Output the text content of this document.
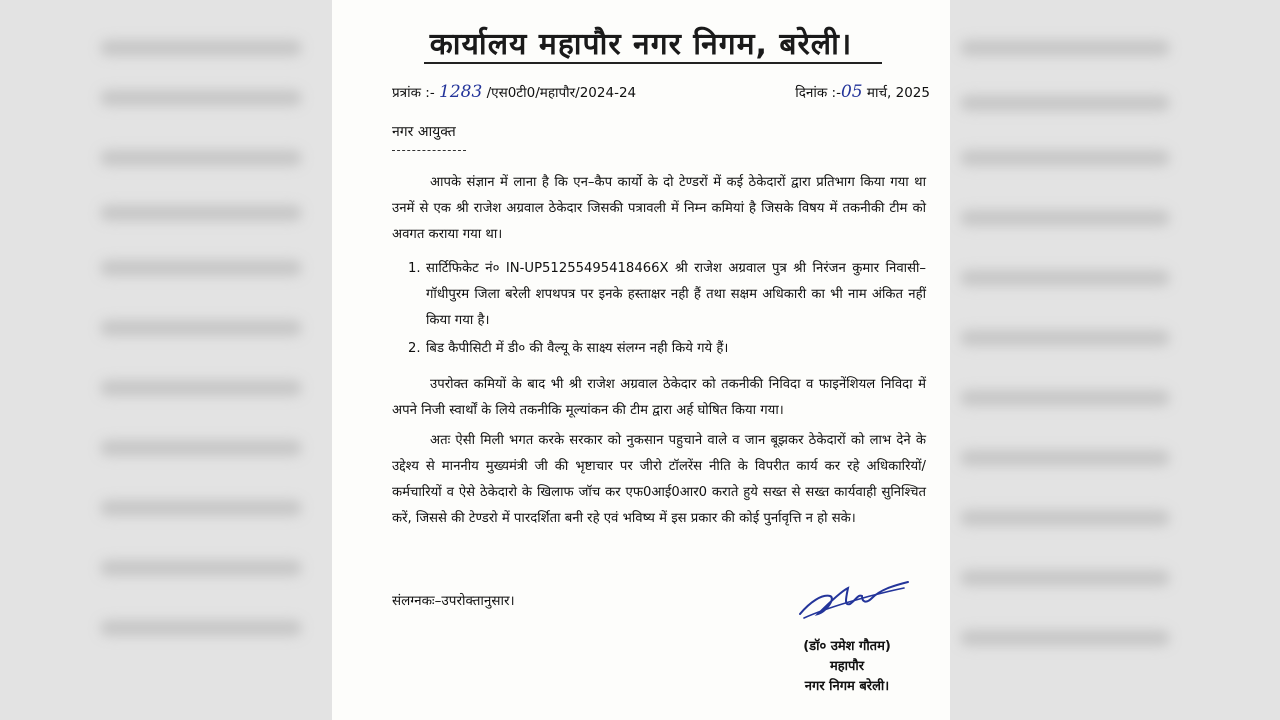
कार्यालय महापौर नगर निगम, बरेली।
प्रत्रांक :- 1283 /एस0टी0/महापौर/2024-24	दिनांक :-05 मार्च, 2025
नगर आयुक्त
आपके संज्ञान में लाना है कि एन–कैप कार्यो के दो टेण्डरों में कई ठेकेदारों द्वारा प्रतिभाग किया गया था उनमें से एक श्री राजेश अग्रवाल ठेकेदार जिसकी पत्रावली में निम्न कमियां है जिसके विषय में तकनीकी टीम को अवगत कराया गया था।
1. सार्टिफिकेट नं० IN-UP51255495418466X श्री राजेश अग्रवाल पुत्र श्री निरंजन कुमार निवासी–गॉधीपुरम जिला बरेली शपथपत्र पर इनके हस्ताक्षर नही हैं तथा सक्षम अधिकारी का भी नाम अंकित नहीं किया गया है।
2. बिड कैपीसिटी में डी० की वैल्यू के साक्ष्य संलग्न नही किये गये हैं।
उपरोक्त कमियों के बाद भी श्री राजेश अग्रवाल ठेकेदार को तकनीकी निविदा व फाइनेंशियल निविदा में अपने निजी स्वार्थों के लिये तकनीकि मूल्यांकन की टीम द्वारा अर्ह घोषित किया गया।
अतः ऐसी मिली भगत करके सरकार को नुकसान पहुचाने वाले व जान बूझकर ठेकेदारों को लाभ देने के उद्देश्य से माननीय मुख्यमंत्री जी की भृष्टाचार पर जीरो टॉलरेंस नीति के विपरीत कार्य कर रहे अधिकारियों/कर्मचारियों व ऐसे ठेकेदारो के खिलाफ जॉच कर एफ0आई0आर0 कराते हुये सख्त से सख्त कार्यवाही सुनिश्चित करें, जिससे की टेण्डरो में पारदर्शिता बनी रहे एवं भविष्य में इस प्रकार की कोई पुर्नावृत्ति न हो सके।
संलग्नकः–उपरोक्तानुसार।
(डॉ० उमेश गौतम)
महापौर
नगर निगम बरेली।
